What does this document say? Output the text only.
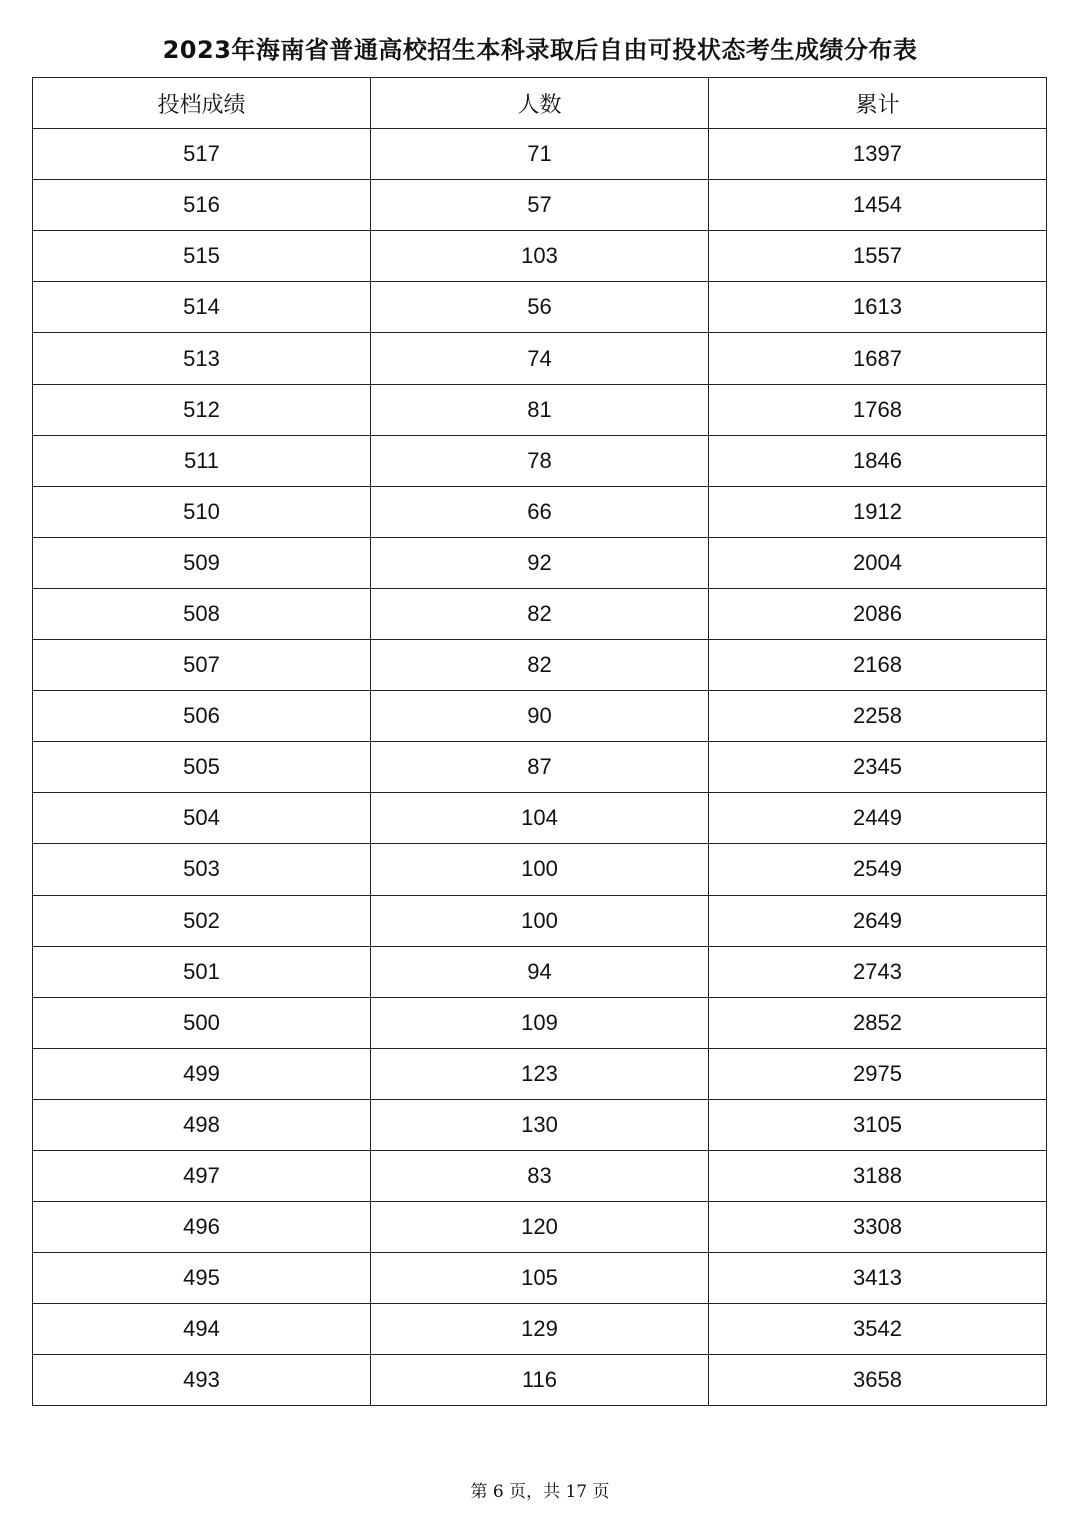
2023年海南省普通高校招生本科录取后自由可投状态考生成绩分布表
投档成绩	人数	累计
517	71	1397
516	57	1454
515	103	1557
514	56	1613
513	74	1687
512	81	1768
511	78	1846
510	66	1912
509	92	2004
508	82	2086
507	82	2168
506	90	2258
505	87	2345
504	104	2449
503	100	2549
502	100	2649
501	94	2743
500	109	2852
499	123	2975
498	130	3105
497	83	3188
496	120	3308
495	105	3413
494	129	3542
493	116	3658
第 6 页，共 17 页
